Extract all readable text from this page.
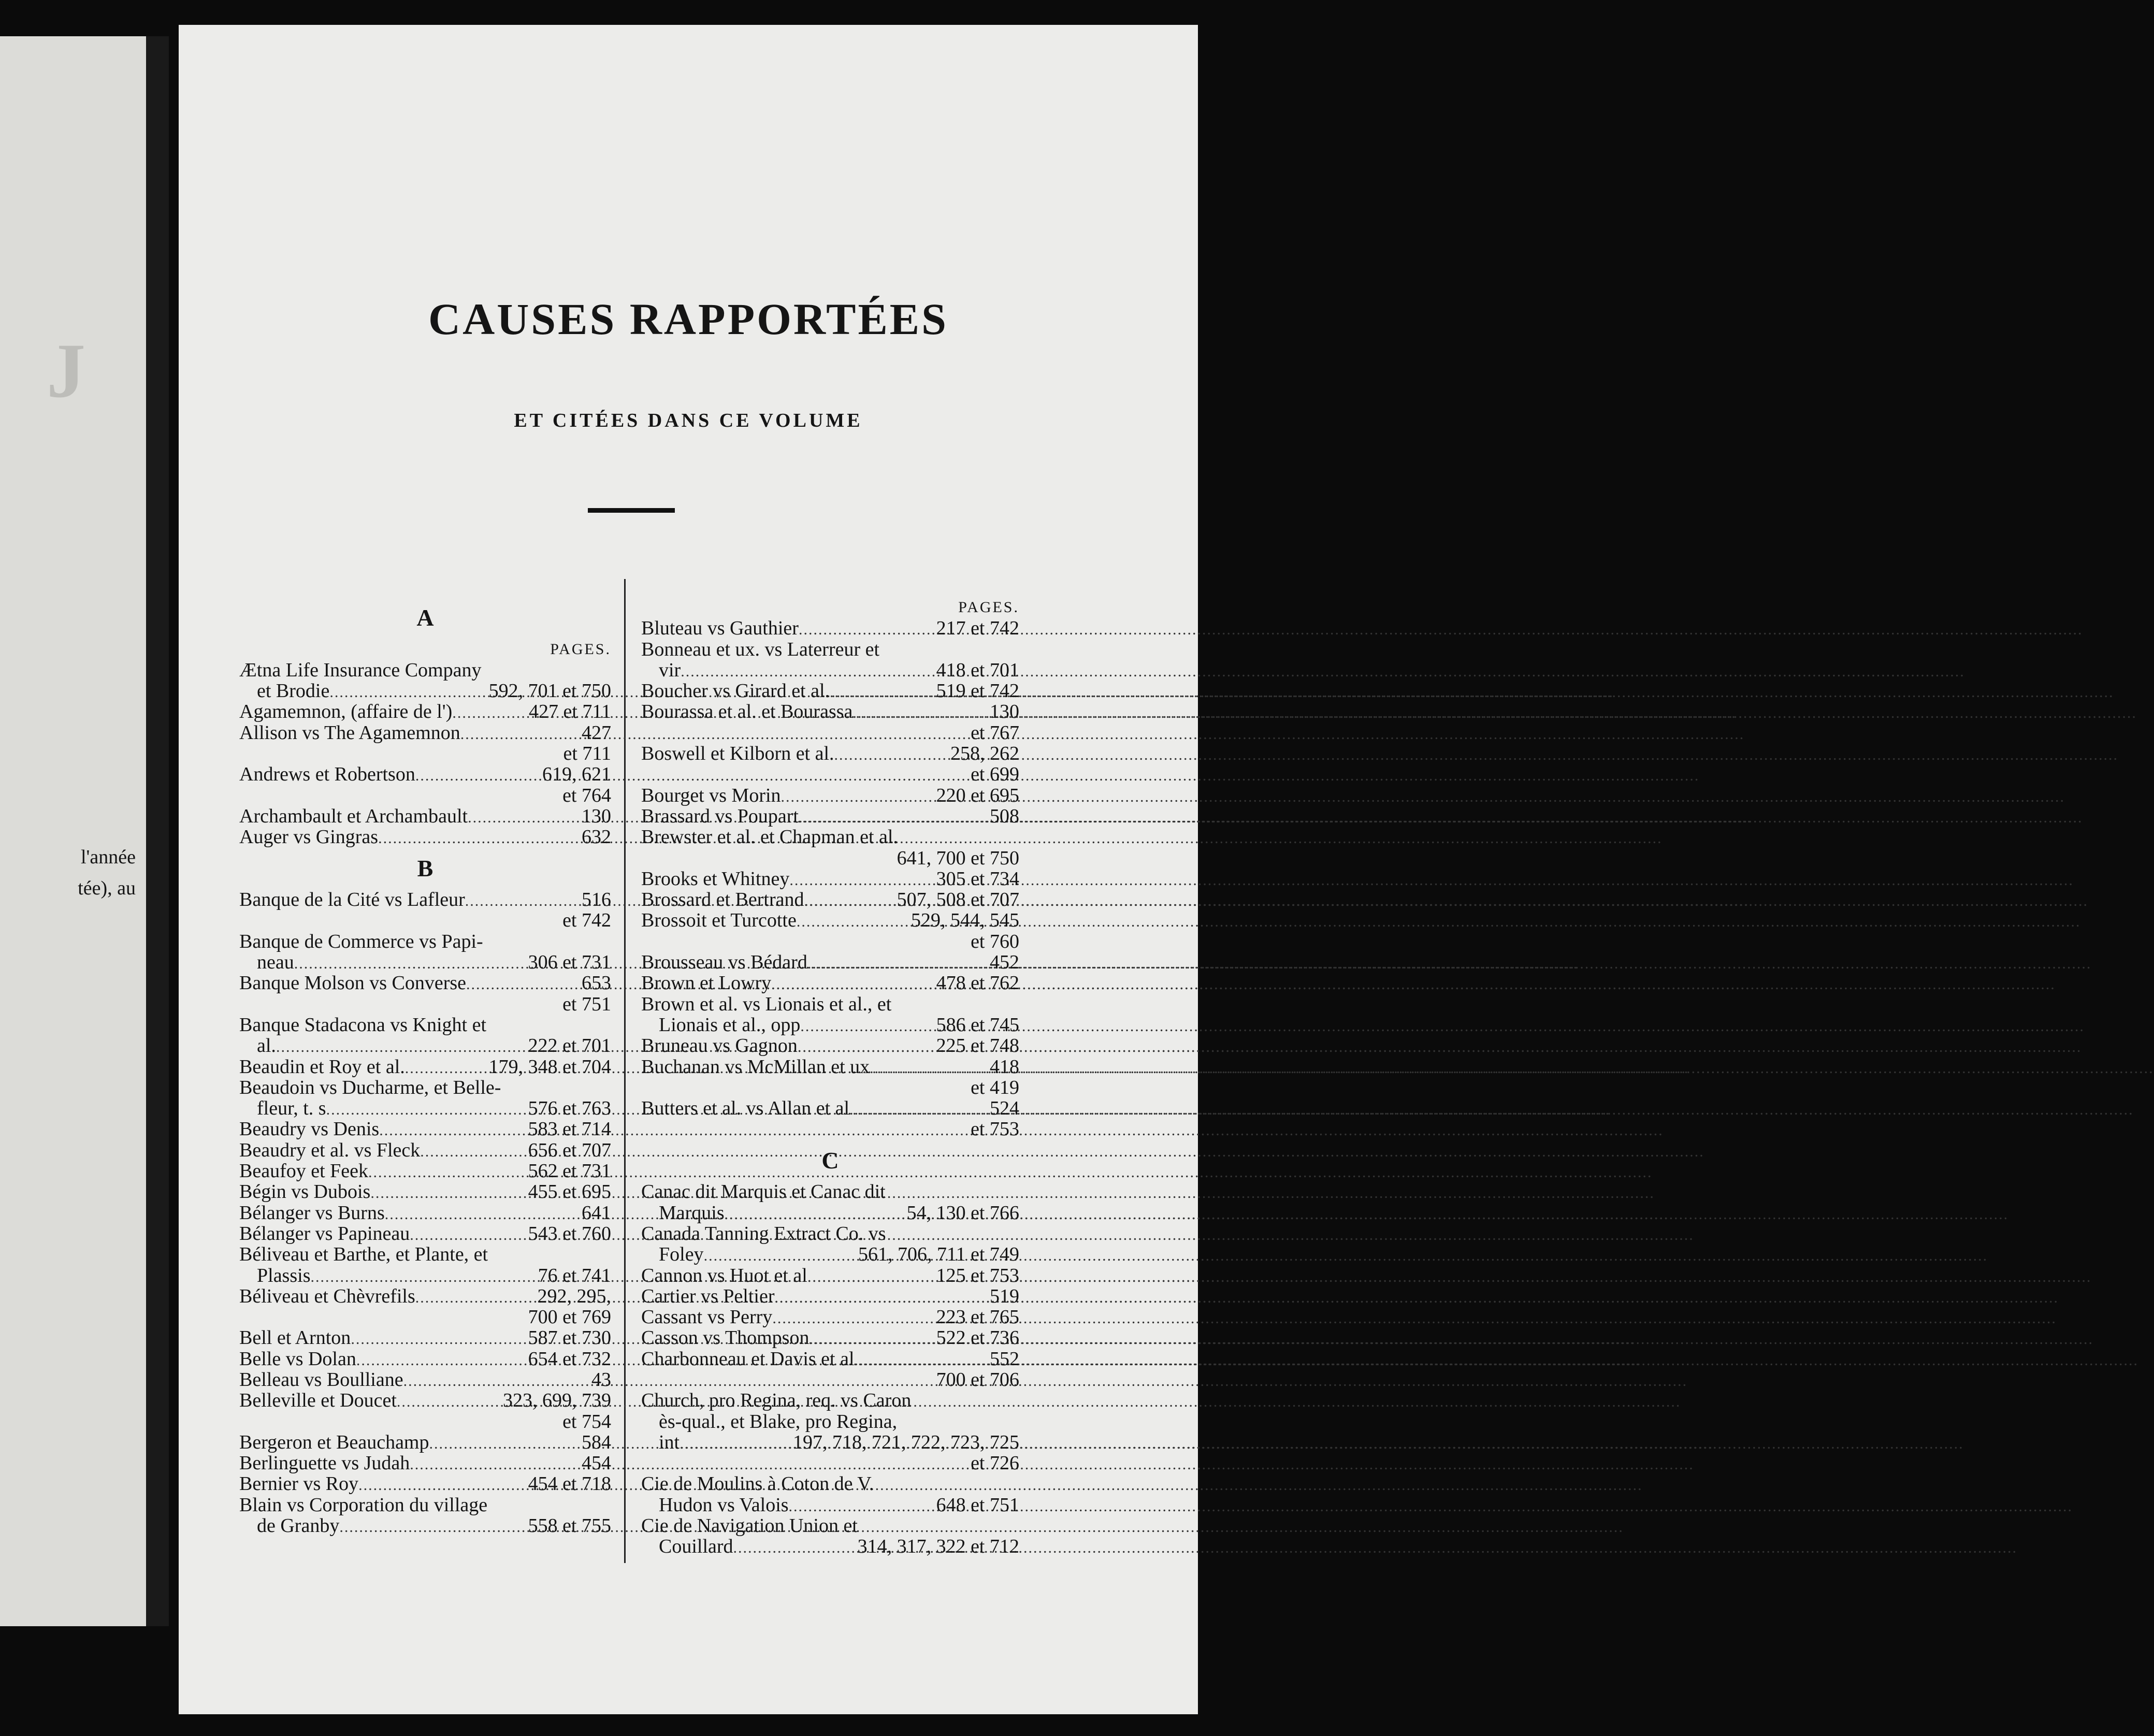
J
l'année
tée), au
CAUSES RAPPORTÉES
ET CITÉES DANS CE VOLUME
A
PAGES.
Ætna Life Insurance Company
et Brodie .....	592, 701 et 750
Agamemnon, (affaire de l') .....	427 et 711
Allison vs The Agamemnon .....	427
et 711
Andrews et Robertson .....	619, 621
et 764
Archambault et Archambault .....	130
Auger vs Gingras .....	632
B
Banque de la Cité vs Lafleur .....	516
et 742
Banque de Commerce vs Papi-
neau .....	306 et 731
Banque Molson vs Converse .....	653
et 751
Banque Stadacona vs Knight et
al. .....	222 et 701
Beaudin et Roy et al. .....	179, 348 et 704
Beaudoin vs Ducharme, et Belle-
fleur, t. s .....	576 et 763
Beaudry vs Denis .....	583 et 714
Beaudry et al. vs Fleck .....	656 et 707
Beaufoy et Feek .....	562 et 731
Bégin vs Dubois .....	455 et 695
Bélanger vs Burns .....	641
Bélanger vs Papineau .....	543 et 760
Béliveau et Barthe, et Plante, et
Plassis .....	76 et 741
Béliveau et Chèvrefils .....	292, 295,
700 et 769
Bell et Arnton .....	587 et 730
Belle vs Dolan .....	654 et 732
Belleau vs Boulliane .....	43
Belleville et Doucet .....	323, 699, 739
et 754
Bergeron et Beauchamp .....	584
Berlinguette vs Judah .....	454
Bernier vs Roy .....	454 et 718
Blain vs Corporation du village
de Granby .....	558 et 755
PAGES.
Bluteau vs Gauthier .....	217 et 742
Bonneau et ux. vs Laterreur et
vir .....	418 et 701
Boucher vs Girard et al. .....	519 et 742
Bourassa et al. et Bourassa .....	130
et 767
Boswell et Kilborn et al. .....	258, 262
et 699
Bourget vs Morin .....	220 et 695
Brassard vs Poupart .....	508
Brewster et al. et Chapman et al.
641, 700 et 750
Brooks et Whitney .....	305 et 734
Brossard et Bertrand .....	507, 508 et 707
Brossoit et Turcotte .....	529, 544, 545
et 760
Brousseau vs Bédard .....	452
Brown et Lowry .....	478 et 762
Brown et al. vs Lionais et al., et
Lionais et al., opp .....	586 et 745
Bruneau vs Gagnon .....	225 et 748
Buchanan vs McMillan et ux .....	418
et 419
Butters et al. vs Allan et al .....	524
et 753
C
Canac dit Marquis et Canac dit
Marquis .....	54, 130 et 766
Canada Tanning Extract Co. vs
Foley .....	561, 706, 711 et 749
Cannon vs Huot et al .....	125 et 753
Cartier vs Peltier .....	519
Cassant vs Perry .....	223 et 765
Casson vs Thompson .....	522 et 736
Charbonneau et Davis et al .....	552
700 et 706
Church, pro Regina, req. vs Caron
ès-qual., et Blake, pro Regina,
int .....	197, 718, 721, 722, 723, 725
et 726
Cie de Moulins à Coton de V.
Hudon vs Valois .....	648 et 751
Cie de Navigation Union et
Couillard .....	314, 317, 322 et 712
